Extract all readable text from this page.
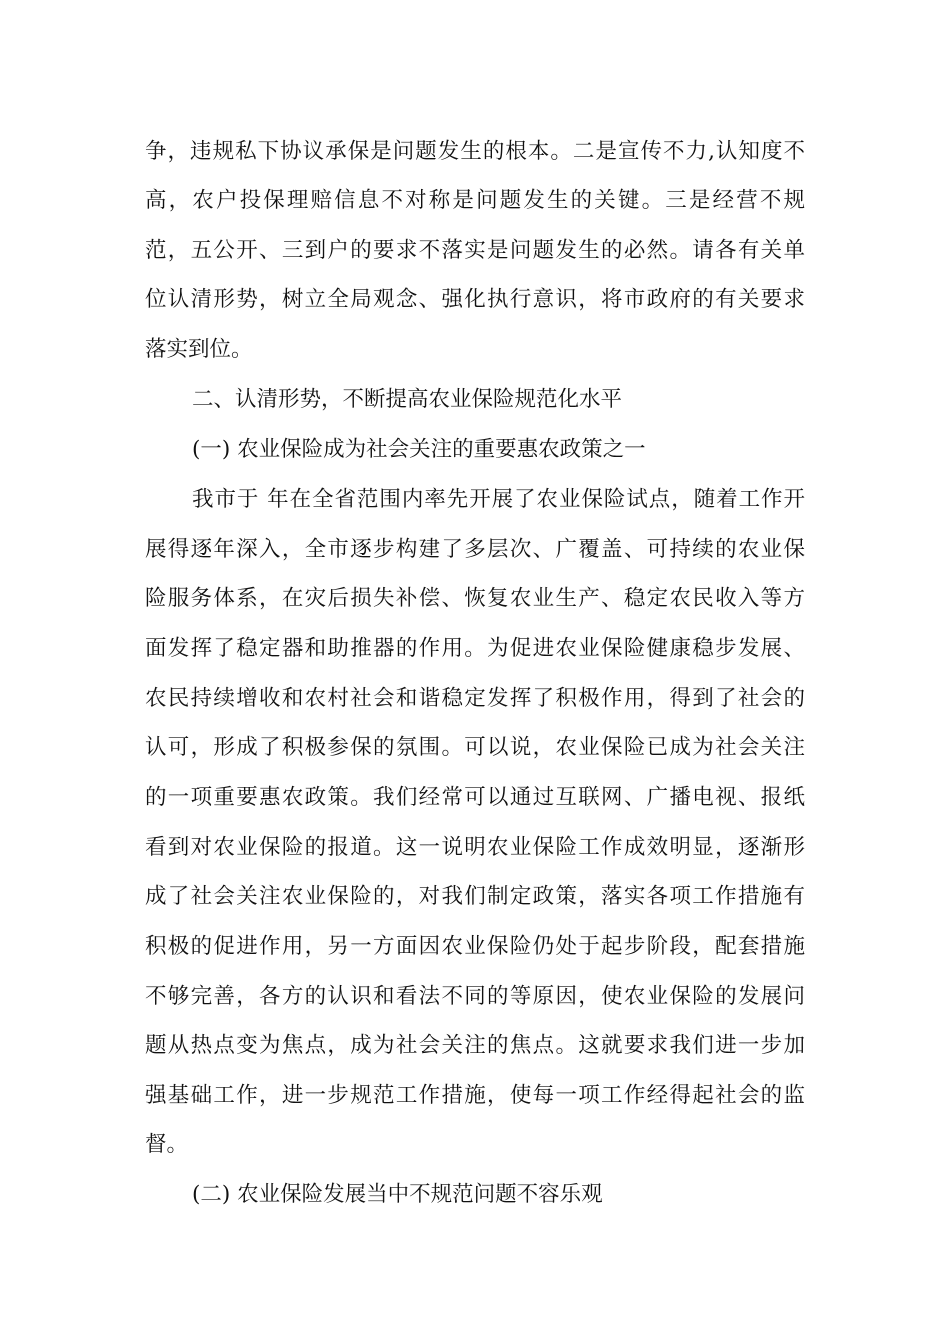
争，违规私下协议承保是问题发生的根本。二是宣传不力,认知度不
高，农户投保理赔信息不对称是问题发生的关键。三是经营不规
范，五公开、三到户的要求不落实是问题发生的必然。请各有关单
位认清形势，树立全局观念、强化执行意识，将市政府的有关要求
落实到位。
二、认清形势，不断提高农业保险规范化水平
(一) 农业保险成为社会关注的重要惠农政策之一
我市于 年在全省范围内率先开展了农业保险试点，随着工作开
展得逐年深入，全市逐步构建了多层次、广覆盖、可持续的农业保
险服务体系，在灾后损失补偿、恢复农业生产、稳定农民收入等方
面发挥了稳定器和助推器的作用。为促进农业保险健康稳步发展、
农民持续增收和农村社会和谐稳定发挥了积极作用，得到了社会的
认可，形成了积极参保的氛围。可以说，农业保险已成为社会关注
的一项重要惠农政策。我们经常可以通过互联网、广播电视、报纸
看到对农业保险的报道。这一说明农业保险工作成效明显，逐渐形
成了社会关注农业保险的，对我们制定政策，落实各项工作措施有
积极的促进作用，另一方面因农业保险仍处于起步阶段，配套措施
不够完善，各方的认识和看法不同的等原因，使农业保险的发展问
题从热点变为焦点，成为社会关注的焦点。这就要求我们进一步加
强基础工作，进一步规范工作措施，使每一项工作经得起社会的监
督。
(二) 农业保险发展当中不规范问题不容乐观
